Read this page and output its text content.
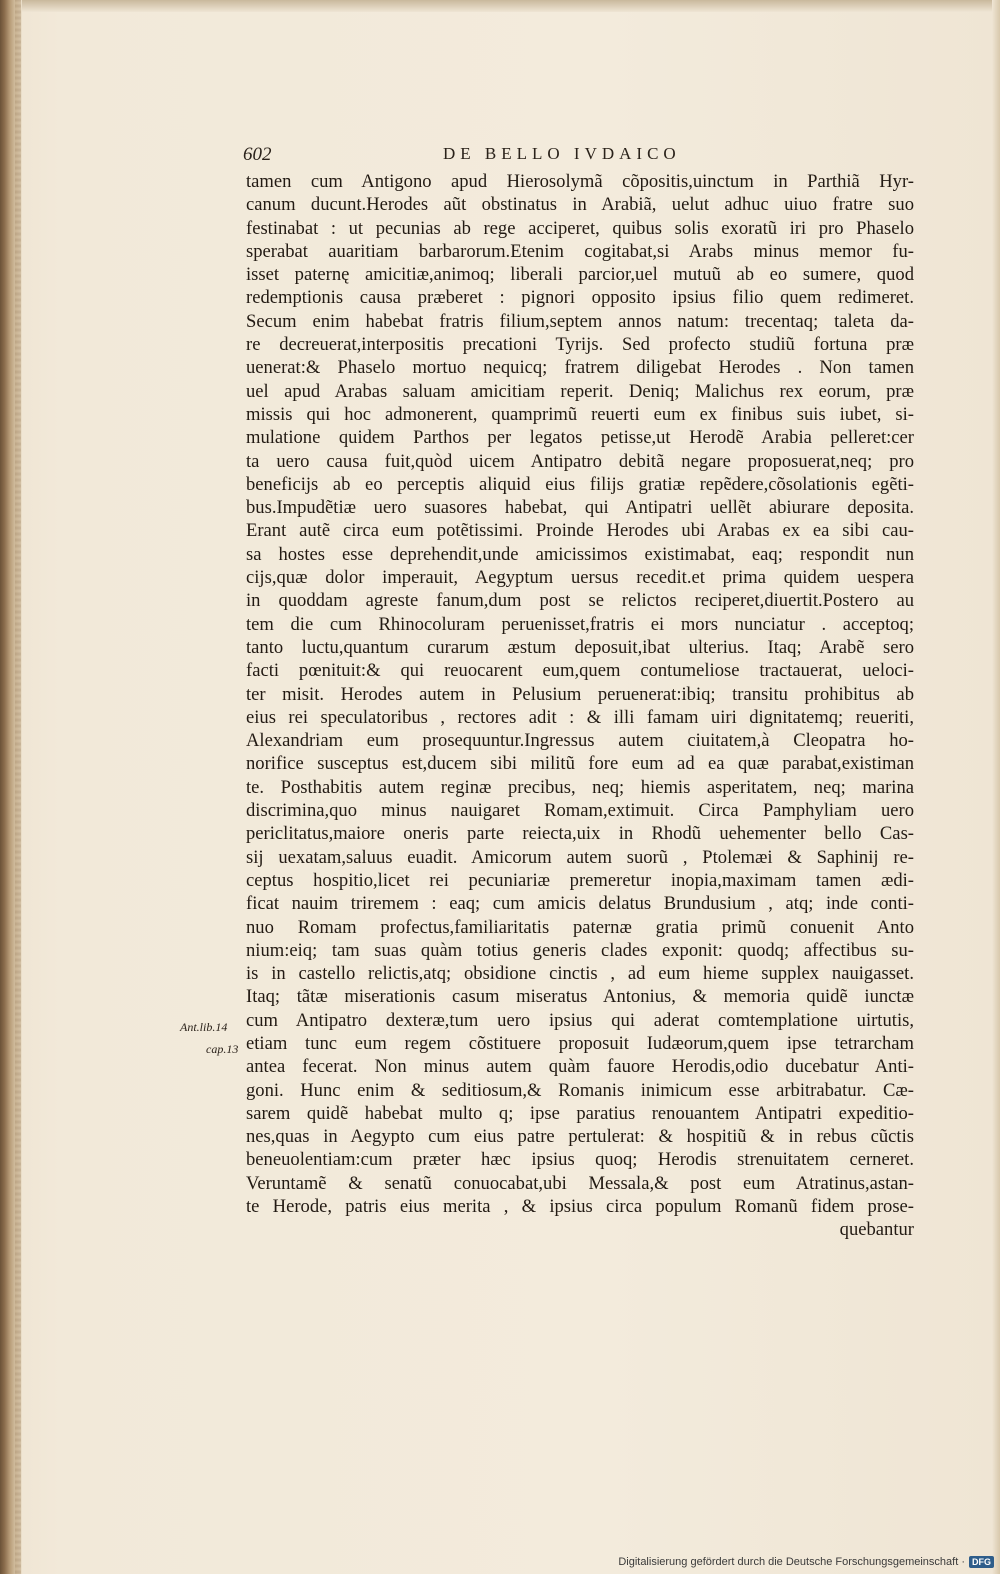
602	DE BELLO IVDAICO
tamen cum Antigono apud Hierosolymã cõpositis,uinctum in Parthiã Hyr-
canum ducunt.Herodes aũt obstinatus in Arabiã, uelut adhuc uiuo fratre suo
festinabat : ut pecunias ab rege acciperet, quibus solis exoratũ iri pro Phaselo
sperabat auaritiam barbarorum.Etenim cogitabat,si Arabs minus memor fu-
isset paternę amicitiæ,animoq; liberali parcior,uel mutuũ ab eo sumere, quod
redemptionis causa præberet : pignori opposito ipsius filio quem redimeret.
Secum enim habebat fratris filium,septem annos natum: trecentaq; taleta da-
re decreuerat,interpositis precationi Tyrijs. Sed profecto studiũ fortuna præ
uenerat:& Phaselo mortuo nequicq; fratrem diligebat Herodes . Non tamen
uel apud Arabas saluam amicitiam reperit. Deniq; Malichus rex eorum, præ
missis qui hoc admonerent, quamprimũ reuerti eum ex finibus suis iubet, si-
mulatione quidem Parthos per legatos petisse,ut Herodẽ Arabia pelleret:cer
ta uero causa fuit,quòd uicem Antipatro debitã negare proposuerat,neq; pro
beneficijs ab eo perceptis aliquid eius filijs gratiæ repẽdere,cõsolationis egẽti-
bus.Impudẽtiæ uero suasores habebat, qui Antipatri uellẽt abiurare deposita.
Erant autẽ circa eum potẽtissimi. Proinde Herodes ubi Arabas ex ea sibi cau-
sa hostes esse deprehendit,unde amicissimos existimabat, eaq; respondit nun
cijs,quæ dolor imperauit, Aegyptum uersus recedit.et prima quidem uespera
in quoddam agreste fanum,dum post se relictos reciperet,diuertit.Postero au
tem die cum Rhinocoluram peruenisset,fratris ei mors nunciatur . acceptoq;
tanto luctu,quantum curarum æstum deposuit,ibat ulterius. Itaq; Arabẽ sero
facti pœnituit:& qui reuocarent eum,quem contumeliose tractauerat, ueloci-
ter misit. Herodes autem in Pelusium peruenerat:ibiq; transitu prohibitus ab
eius rei speculatoribus , rectores adit : & illi famam uiri dignitatemq; reueriti,
Alexandriam eum prosequuntur.Ingressus autem ciuitatem,à Cleopatra ho-
norifice susceptus est,ducem sibi militũ fore eum ad ea quæ parabat,existiman
te. Posthabitis autem reginæ precibus, neq; hiemis asperitatem, neq; marina
discrimina,quo minus nauigaret Romam,extimuit. Circa Pamphyliam uero
periclitatus,maiore oneris parte reiecta,uix in Rhodũ uehementer bello Cas-
sij uexatam,saluus euadit. Amicorum autem suorũ , Ptolemæi & Saphinij re-
ceptus hospitio,licet rei pecuniariæ premeretur inopia,maximam tamen ædi-
ficat nauim triremem : eaq; cum amicis delatus Brundusium , atq; inde conti-
nuo Romam profectus,familiaritatis paternæ gratia primũ conuenit Anto
nium:eiq; tam suas quàm totius generis clades exponit: quodq; affectibus su-
is in castello relictis,atq; obsidione cinctis , ad eum hieme supplex nauigasset.
Itaq; tãtæ miserationis casum miseratus Antonius, & memoria quidẽ iunctæ
cum Antipatro dexteræ,tum uero ipsius qui aderat comtemplatione uirtutis,
etiam tunc eum regem cõstituere proposuit Iudæorum,quem ipse tetrarcham
antea fecerat. Non minus autem quàm fauore Herodis,odio ducebatur Anti-
goni. Hunc enim & seditiosum,& Romanis inimicum esse arbitrabatur. Cæ-
sarem quidẽ habebat multo q; ipse paratius renouantem Antipatri expeditio-
nes,quas in Aegypto cum eius patre pertulerat: & hospitiũ & in rebus cũctis
beneuolentiam:cum præter hæc ipsius quoq; Herodis strenuitatem cerneret.
Veruntamẽ & senatũ conuocabat,ubi Messala,& post eum Atratinus,astan-
te Herode, patris eius merita , & ipsius circa populum Romanũ fidem prose-
quebantur
Ant.lib.14
cap.13
Digitalisierung gefördert durch die Deutsche Forschungsgemeinschaft · DFG
